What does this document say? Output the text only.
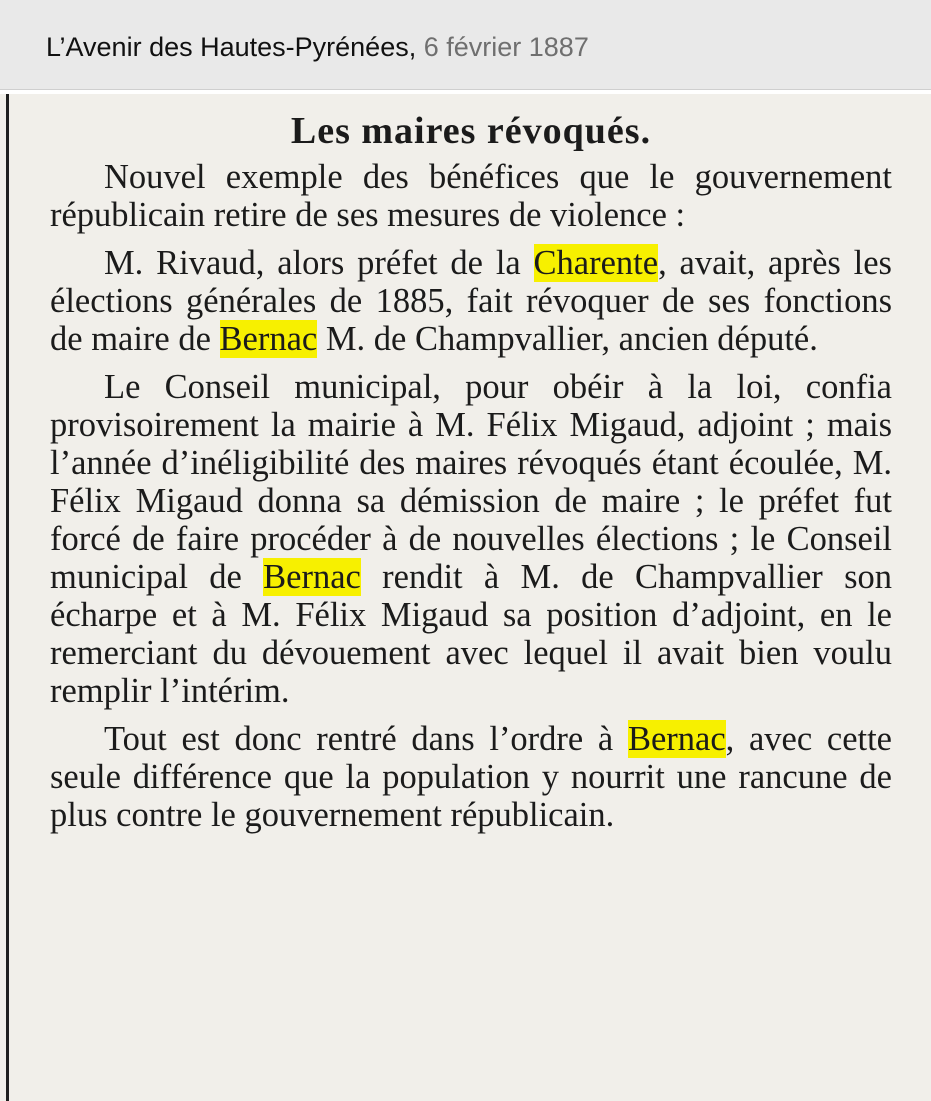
L’Avenir des Hautes-Pyrénées, 6 février 1887
Les maires révoqués.

Nouvel exemple des bénéfices que le gouvernement républicain retire de ses mesures de violence :

M. Rivaud, alors préfet de la Charente, avait, après les élections générales de 1885, fait révoquer de ses fonctions de maire de Bernac M. de Champvallier, ancien député.

Le Conseil municipal, pour obéir à la loi, confia provisoirement la mairie à M. Félix Migaud, adjoint ; mais l’année d’inéligibilité des maires révoqués étant écoulée, M. Félix Migaud donna sa démission de maire ; le préfet fut forcé de faire procéder à de nouvelles élections ; le Conseil municipal de Bernac rendit à M. de Champvallier son écharpe et à M. Félix Migaud sa position d’adjoint, en le remerciant du dévouement avec lequel il avait bien voulu remplir l’intérim.

Tout est donc rentré dans l’ordre à Bernac, avec cette seule différence que la population y nourrit une rancune de plus contre le gouvernement républicain.
